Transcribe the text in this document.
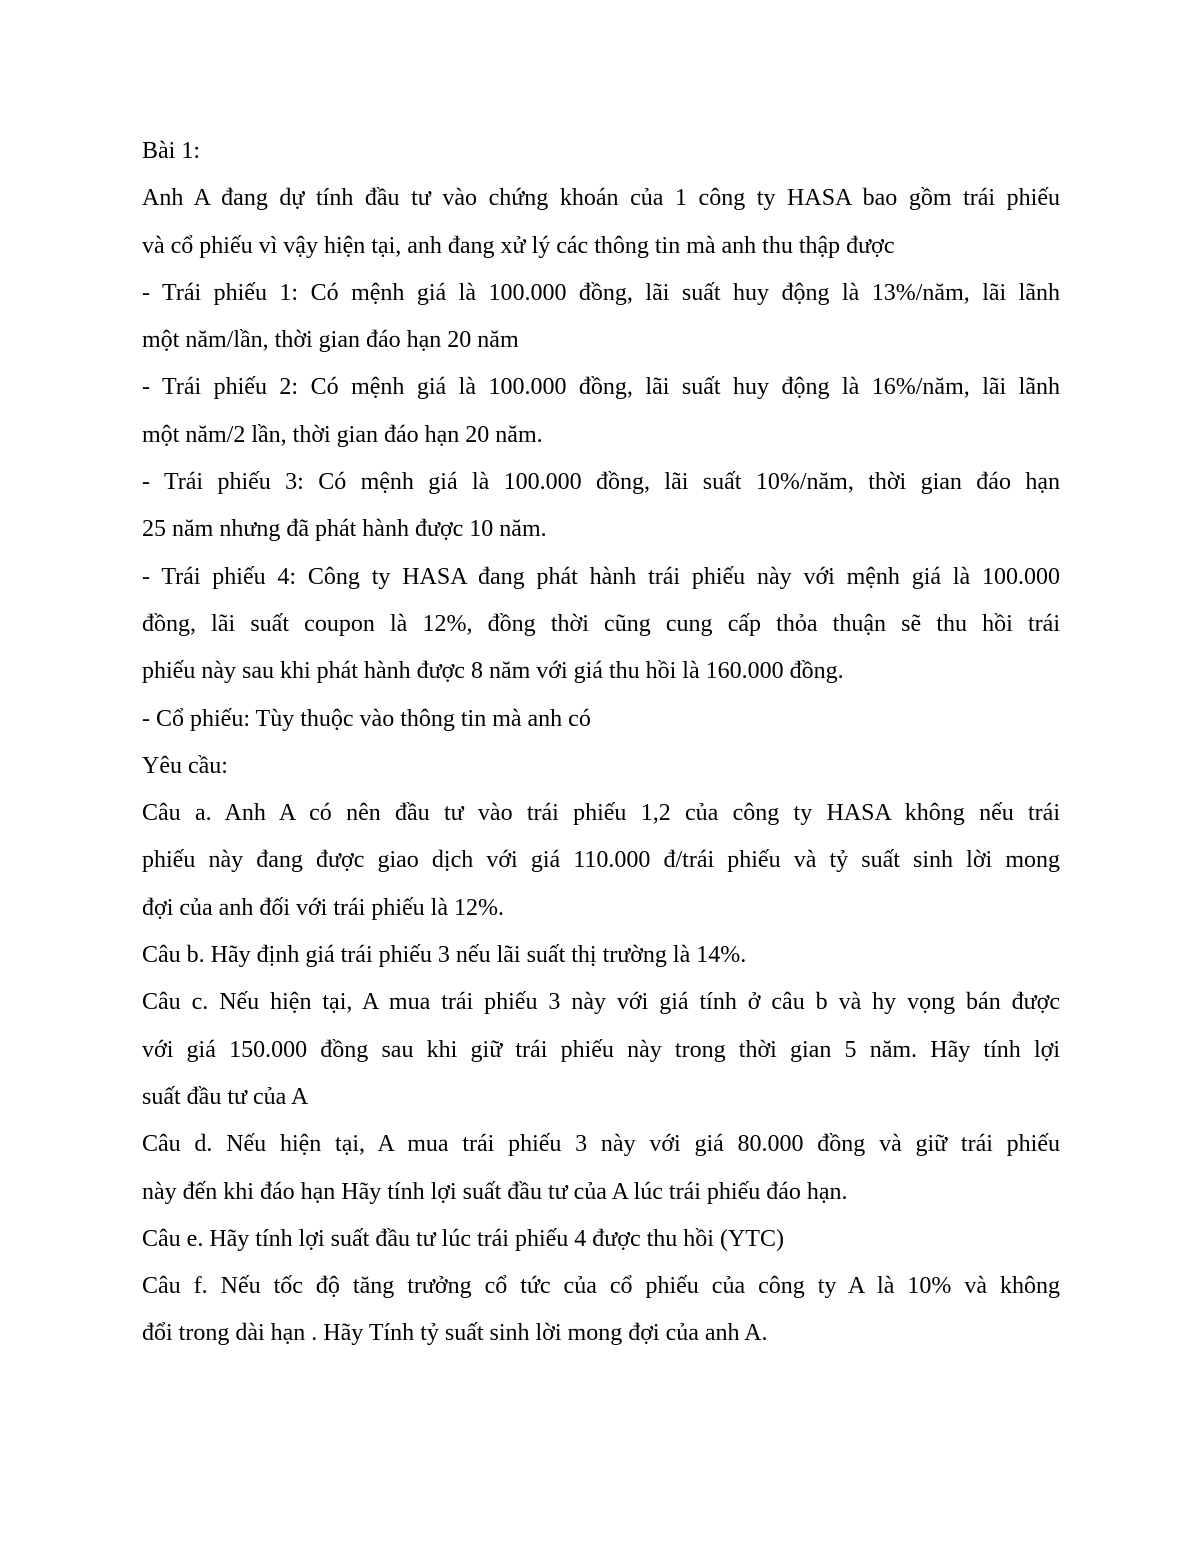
Bài 1:
Anh A đang dự tính đầu tư vào chứng khoán của 1 công ty HASA bao gồm trái phiếu
và cổ phiếu vì vậy hiện tại, anh đang xử lý các thông tin mà anh thu thập được
- Trái phiếu 1: Có mệnh giá là 100.000 đồng, lãi suất huy động là 13%/năm, lãi lãnh
một năm/lần, thời gian đáo hạn 20 năm
- Trái phiếu 2: Có mệnh giá là 100.000 đồng, lãi suất huy động là 16%/năm, lãi lãnh
một năm/2 lần, thời gian đáo hạn 20 năm.
- Trái phiếu 3: Có mệnh giá là 100.000 đồng, lãi suất 10%/năm, thời gian đáo hạn
25 năm nhưng đã phát hành được 10 năm.
- Trái phiếu 4: Công ty HASA đang phát hành trái phiếu này với mệnh giá là 100.000
đồng, lãi suất coupon là 12%, đồng thời cũng cung cấp thỏa thuận sẽ thu hồi trái
phiếu này sau khi phát hành được 8 năm với giá thu hồi là 160.000 đồng.
- Cổ phiếu: Tùy thuộc vào thông tin mà anh có
Yêu cầu:
Câu a. Anh A có nên đầu tư vào trái phiếu 1,2 của công ty HASA không nếu trái
phiếu này đang được giao dịch với giá 110.000 đ/trái phiếu và tỷ suất sinh lời mong
đợi của anh đối với trái phiếu là 12%.
Câu b. Hãy định giá trái phiếu 3 nếu lãi suất thị trường là 14%.
Câu c. Nếu hiện tại, A mua trái phiếu 3 này với giá tính ở câu b và hy vọng bán được
với giá 150.000 đồng sau khi giữ trái phiếu này trong thời gian 5 năm. Hãy tính lợi
suất đầu tư của A
Câu d. Nếu hiện tại, A mua trái phiếu 3 này với giá 80.000 đồng và giữ trái phiếu
này đến khi đáo hạn Hãy tính lợi suất đầu tư của A lúc trái phiếu đáo hạn.
Câu e. Hãy tính lợi suất đầu tư lúc trái phiếu 4 được thu hồi (YTC)
Câu f. Nếu tốc độ tăng trưởng cổ tức của cổ phiếu của công ty A là 10% và không
đổi trong dài hạn . Hãy Tính tỷ suất sinh lời mong đợi của anh A.
